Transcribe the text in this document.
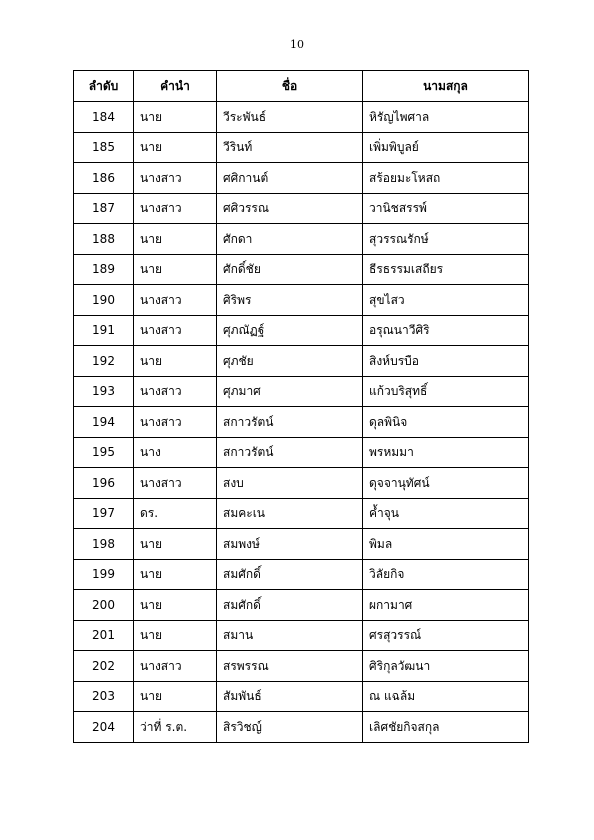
10
ลำดับ	คำนำ	ชื่อ	นามสกุล
184	นาย	วีระพันธ์	หิรัญไพศาล
185	นาย	วีรินท์	เพิ่มพิบูลย์
186	นางสาว	ศศิกานต์	สร้อยมะโหสถ
187	นางสาว	ศศิวรรณ	วานิชสรรพ์
188	นาย	ศักดา	สุวรรณรักษ์
189	นาย	ศักดิ์ชัย	ธีรธรรมเสถียร
190	นางสาว	ศิริพร	สุขไสว
191	นางสาว	ศุภณัฏฐ์	อรุณนาวีศิริ
192	นาย	ศุภชัย	สิงห์บรบือ
193	นางสาว	ศุภมาศ	แก้วบริสุทธิ์
194	นางสาว	สกาวรัตน์	ดุลพินิจ
195	นาง	สกาวรัตน์	พรหมมา
196	นางสาว	สงบ	ดุจจานุทัศน์
197	ดร.	สมคะเน	ค้ำจุน
198	นาย	สมพงษ์	พิมล
199	นาย	สมศักดิ์	วิลัยกิจ
200	นาย	สมศักดิ์	ผกามาศ
201	นาย	สมาน	ศรสุวรรณ์
202	นางสาว	สรพรรณ	ศิริกุลวัฒนา
203	นาย	สัมพันธ์	ณ แฉล้ม
204	ว่าที่ ร.ต.	สิรวิชญ์	เลิศชัยกิจสกุล
